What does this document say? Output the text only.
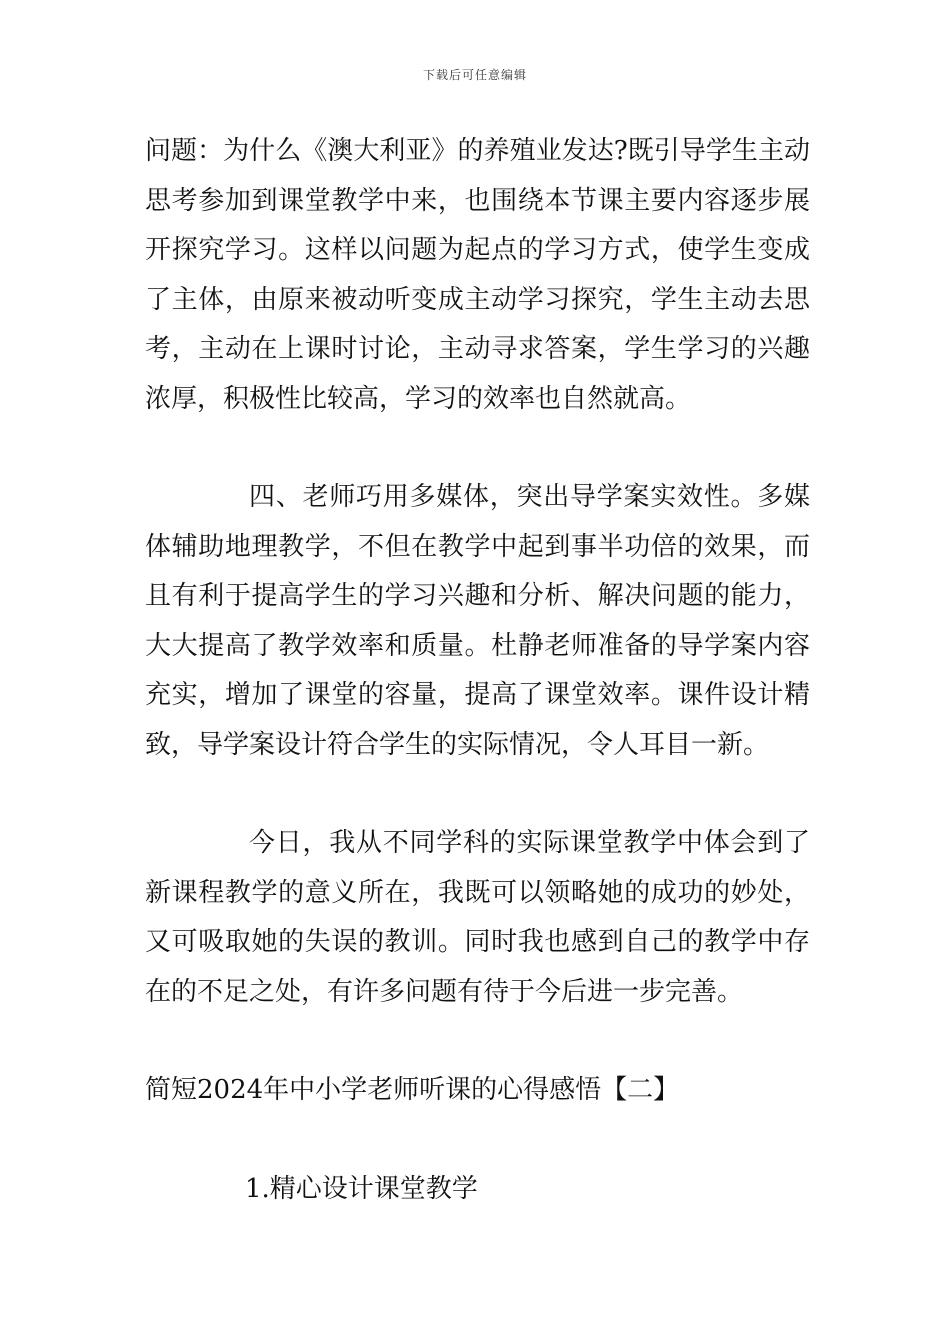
下载后可任意编辑

问题：为什么《澳大利亚》的养殖业发达?既引导学生主动思考参加到课堂教学中来，也围绕本节课主要内容逐步展开探究学习。这样以问题为起点的学习方式，使学生变成了主体，由原来被动听变成主动学习探究，学生主动去思考，主动在上课时讨论，主动寻求答案，学生学习的兴趣浓厚，积极性比较高，学习的效率也自然就高。

四、老师巧用多媒体，突出导学案实效性。多媒体辅助地理教学，不但在教学中起到事半功倍的效果，而且有利于提高学生的学习兴趣和分析、解决问题的能力，大大提高了教学效率和质量。杜静老师准备的导学案内容充实，增加了课堂的容量，提高了课堂效率。课件设计精致，导学案设计符合学生的实际情况，令人耳目一新。

今日，我从不同学科的实际课堂教学中体会到了新课程教学的意义所在，我既可以领略她的成功的妙处，又可吸取她的失误的教训。同时我也感到自己的教学中存在的不足之处，有许多问题有待于今后进一步完善。

简短2024年中小学老师听课的心得感悟【二】

1.精心设计课堂教学
